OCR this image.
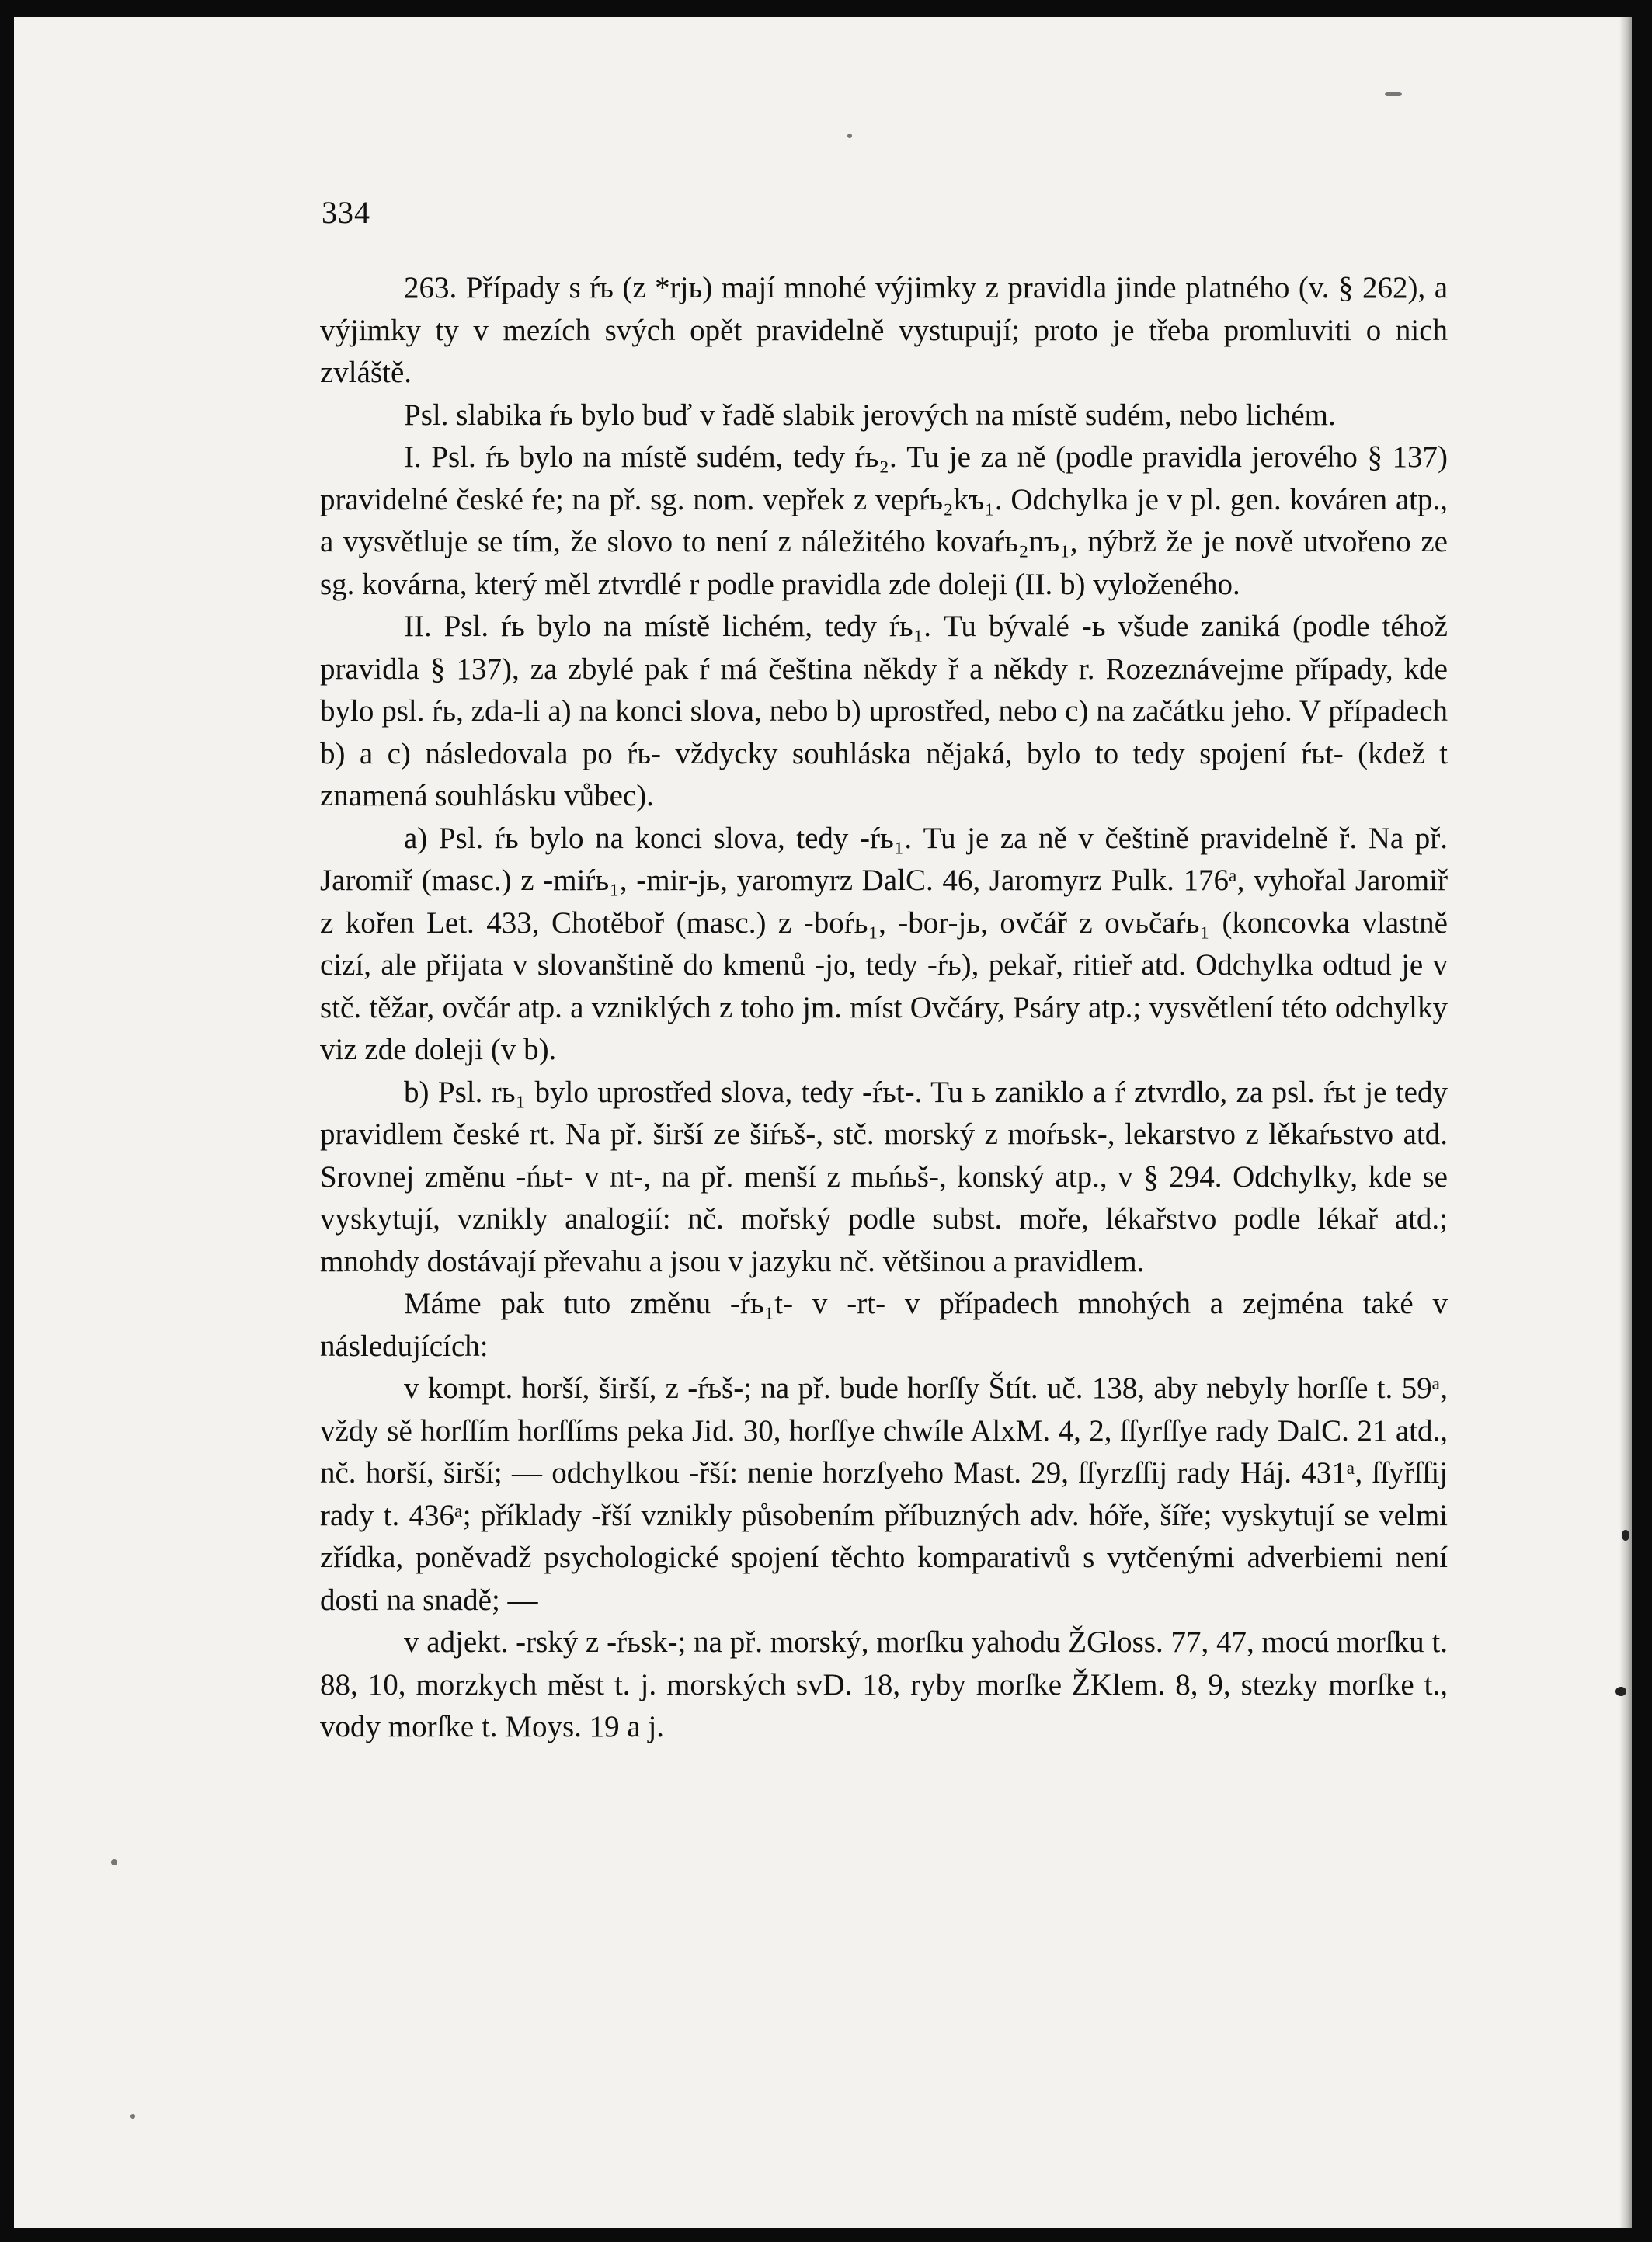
334

263. Případy s ŕь (z *rjь) mají mnohé výjimky z pravidla jinde platného (v. § 262), a výjimky ty v mezích svých opět pravidelně vystupují; proto je třeba promluviti o nich zvláště.

Psl. slabika ŕь bylo buď v řadě slabik jerových na místě sudém, nebo lichém.

I. Psl. ŕь bylo na místě sudém, tedy ŕь₂. Tu je za ně (podle pravidla jerového § 137) pravidelné české ŕe; na př. sg. nom. vepřek z vepŕь₂kъ₁. Odchylka je v pl. gen. kováren atp., a vysvětluje se tím, že slovo to není z náležitého kovaŕь₂nъ₁, nýbrž že je nově utvořeno ze sg. kovárna, který měl ztvrdlé r podle pravidla zde doleji (II. b) vyloženého.

II. Psl. ŕь bylo na místě lichém, tedy ŕь₁. Tu bývalé -ь všude zaniká (podle téhož pravidla § 137), za zbylé pak ŕ má čeština někdy ř a někdy r. Rozeznávejme případy, kde bylo psl. ŕь, zda-li a) na konci slova, nebo b) uprostřed, nebo c) na začátku jeho. V případech b) a c) následovala po ŕь- vždycky souhláska nějaká, bylo to tedy spojení ŕьt- (kdež t znamená souhlásku vůbec).

a) Psl. ŕь bylo na konci slova, tedy -ŕь₁. Tu je za ně v češtině pravidelně ř. Na př. Jaromiř (masc.) z -miŕь₁, -mir-jь, yaromyrz DalC. 46, Jaromyrz Pulk. 176ᵃ, vyhořal Jaromiř z kořen Let. 433, Chotěboř (masc.) z -boŕь₁, -bor-jь, ovčář z ovьčaŕь₁ (koncovka vlastně cizí, ale přijata v slovanštině do kmenů -jo, tedy -ŕь), pekař, ritieř atd. Odchylka odtud je v stč. těžar, ovčár atp. a vzniklých z toho jm. míst Ovčáry, Psáry atp.; vysvětlení této odchylky viz zde doleji (v b).

b) Psl. rь₁ bylo uprostřed slova, tedy -ŕьt-. Tu ь zaniklo a ŕ ztvrdlo, za psl. ŕьt je tedy pravidlem české rt. Na př. širší ze šiŕьš-, stč. morský z moŕьsk-, lekarstvo z lěkaŕьstvo atd. Srovnej změnu -ńьt- v nt-, na př. menší z mьńьš-, konský atp., v § 294. Odchylky, kde se vyskytují, vznikly analogií: nč. mořský podle subst. moře, lékařstvo podle lékař atd.; mnohdy dostávají převahu a jsou v jazyku nč. většinou a pravidlem.

Máme pak tuto změnu -ŕь₁t- v -rt- v případech mnohých a zejména také v následujících:

v kompt. horší, širší, z -ŕьš-; na př. bude horſſy Štít. uč. 138, aby nebyly horſſe t. 59ᵃ, vždy sě horſſím horſſíms peka Jid. 30, horſſye chwíle AlxM. 4, 2, ſſyrſſye rady DalC. 21 atd., nč. horší, širší; — odchylkou -řší: nenie horzſyeho Mast. 29, ſſyrzſſij rady Háj. 431ᵃ, ſſyřſſij rady t. 436ᵃ; příklady -řší vznikly působením příbuzných adv. hóře, šíře; vyskytují se velmi zřídka, poněvadž psychologické spojení těchto komparativů s vytčenými adverbiemi není dosti na snadě; —

v adjekt. -rský z -ŕьsk-; na př. morský, morſku yahodu ŽGloss. 77, 47, mocú morſku t. 88, 10, morzkych měst t. j. morských svD. 18, ryby morſke ŽKlem. 8, 9, stezky morſke t., vody morſke t. Moys. 19 a j.
